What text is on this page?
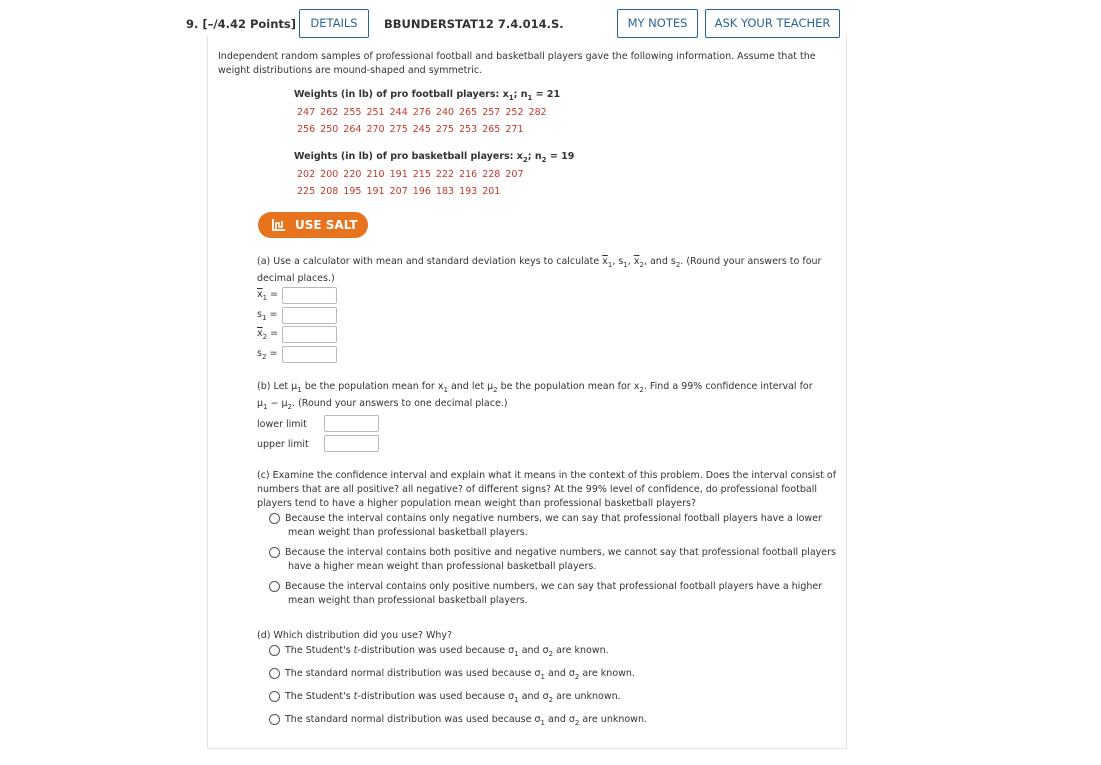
9. [–/4.42 Points]	DETAILS	BBUNDERSTAT12 7.4.014.S.	MY NOTES	ASK YOUR TEACHER
Independent random samples of professional football and basketball players gave the following information. Assume that the
weight distributions are mound-shaped and symmetric.
Weights (in lb) of pro football players: $x_1$; $n_1 = 21$
247 262 255 251 244 276 240 265 257 252 282
256 250 264 270 275 245 275 253 265 271
Weights (in lb) of pro basketball players: $x_2$; $n_2 = 19$
202 200 220 210 191 215 222 216 228 207
225 208 195 191 207 196 183 193 201
USE SALT
(a) Use a calculator with mean and standard deviation keys to calculate $\overline{x}_1$, $s_1$, $\overline{x}_2$, and $s_2$. (Round your answers to four
decimal places.)
$\overline{x}_1$ =
$s_1$ =
$\overline{x}_2$ =
$s_2$ =
(b) Let $\mu_1$ be the population mean for $x_1$ and let $\mu_2$ be the population mean for $x_2$. Find a 99% confidence interval for
$\mu_1 - \mu_2$. (Round your answers to one decimal place.)
lower limit
upper limit
(c) Examine the confidence interval and explain what it means in the context of this problem. Does the interval consist of
numbers that are all positive? all negative? of different signs? At the 99% level of confidence, do professional football
players tend to have a higher population mean weight than professional basketball players?
Because the interval contains only negative numbers, we can say that professional football players have a lower
mean weight than professional basketball players.
Because the interval contains both positive and negative numbers, we cannot say that professional football players
have a higher mean weight than professional basketball players.
Because the interval contains only positive numbers, we can say that professional football players have a higher
mean weight than professional basketball players.
(d) Which distribution did you use? Why?
The Student's t-distribution was used because $\sigma_1$ and $\sigma_2$ are known.
The standard normal distribution was used because $\sigma_1$ and $\sigma_2$ are known.
The Student's t-distribution was used because $\sigma_1$ and $\sigma_2$ are unknown.
The standard normal distribution was used because $\sigma_1$ and $\sigma_2$ are unknown.
